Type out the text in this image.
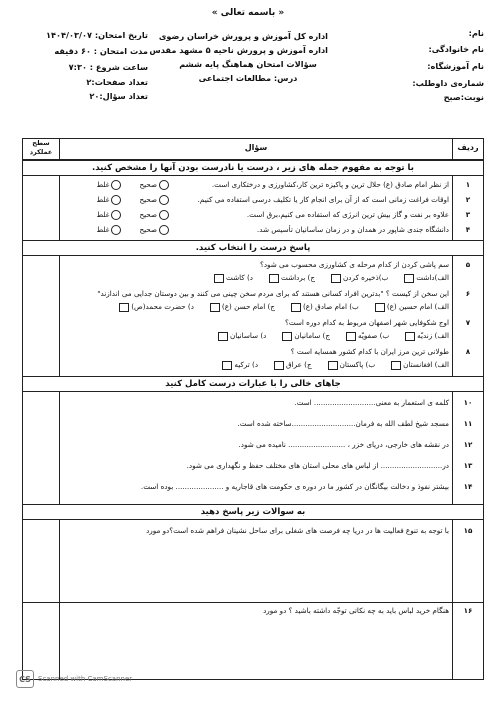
« باسمه تعالی »
نام:
نام خانوادگی:
نام آموزشگاه:
شماره‌ی داوطلب:
نوبت:صبح
اداره کل آموزش و پرورش خراسان رضوی
اداره آموزش و پرورش ناحیه ۵ مشهد مقدس
سؤالات امتحان هماهنگ پایه ششم
درس: مطالعات اجتماعی
تاریخ امتحان: ۱۴۰۴/۰۳/۰۷
مدت امتحان : ۶۰ دقیقه
ساعت شروع : ۷:۳۰
تعداد صفحات:۲
تعداد سؤال:۲۰
ردیف
سؤال
سطح عملکرد
با توجه به مفهوم جمله های زیر ، درست یا نادرست بودن آنها را مشخص کنید.
۱
از نظر امام صادق (ع) حلال ترین و پاکیزه ترین کار،کشاورزی و درختکاری است.
صحیحغلط
۲
اوقات فراغت زمانی است که از آن برای انجام کار یا تکلیف درسی استفاده می کنیم.
صحیحغلط
۳
علاوه بر نفت و گاز بیش ترین انرژی که استفاده می کنیم،برق است.
صحیحغلط
۴
دانشگاه جندی شاپور در همدان و در زمان ساسانیان تأسیس شد.
صحیحغلط
پاسخ درست را انتخاب کنید.
۵
سم پاشی کردن از کدام مرحله ی کشاورزی محسوب می شود؟
الف)داشتب)ذخیره کردنج) برداشتد) کاشت
۶
این سخن از کیست ؟ "بدترین افراد کسانی هستند که برای مردم سخن چینی می کنند و بین دوستان جدایی می اندازند"
الف) امام حسین (ع)ب) امام صادق (ع)ج) امام حسن (ع)د) حضرت محمد(ص)
۷
اوج شکوفایی شهر اصفهان مربوط به کدام دوره است؟
الف) زندیّهب) صفویّهج) سامانیاند) ساسانیان
۸
طولانی ترین مرز ایران با کدام کشور همسایه است ؟
الف) افغانستانب) پاکستانج) عراقد) ترکیه
جاهای خالی را با عبارات درست کامل کنید
۱۰
کلمه ی استعمار به معنی........................... است.
۱۱
مسجد شیخ لطف الله به فرمان............................ساخته شده است.
۱۲
در نقشه های خارجی، دریای خزر ، ......................... نامیده می شود.
۱۳
در........................... از لباس های محلی استان های مختلف حفظ و نگهداری می شود.
۱۴
بیشتر نفوذ و دخالت بیگانگان در کشور ما در دوره ی حکومت های قاجاریه و ..................... بوده است.
به سوالات زیر پاسخ دهید
۱۵
با توجه به تنوع فعالیت ها در دریا چه فرصت های شغلی برای ساحل نشینان فراهم شده است؟دو مورد
۱۶
هنگام خرید لباس باید به چه نکاتی توجّه داشته باشید ؟ دو مورد
CS	Scanned with CamScanner
